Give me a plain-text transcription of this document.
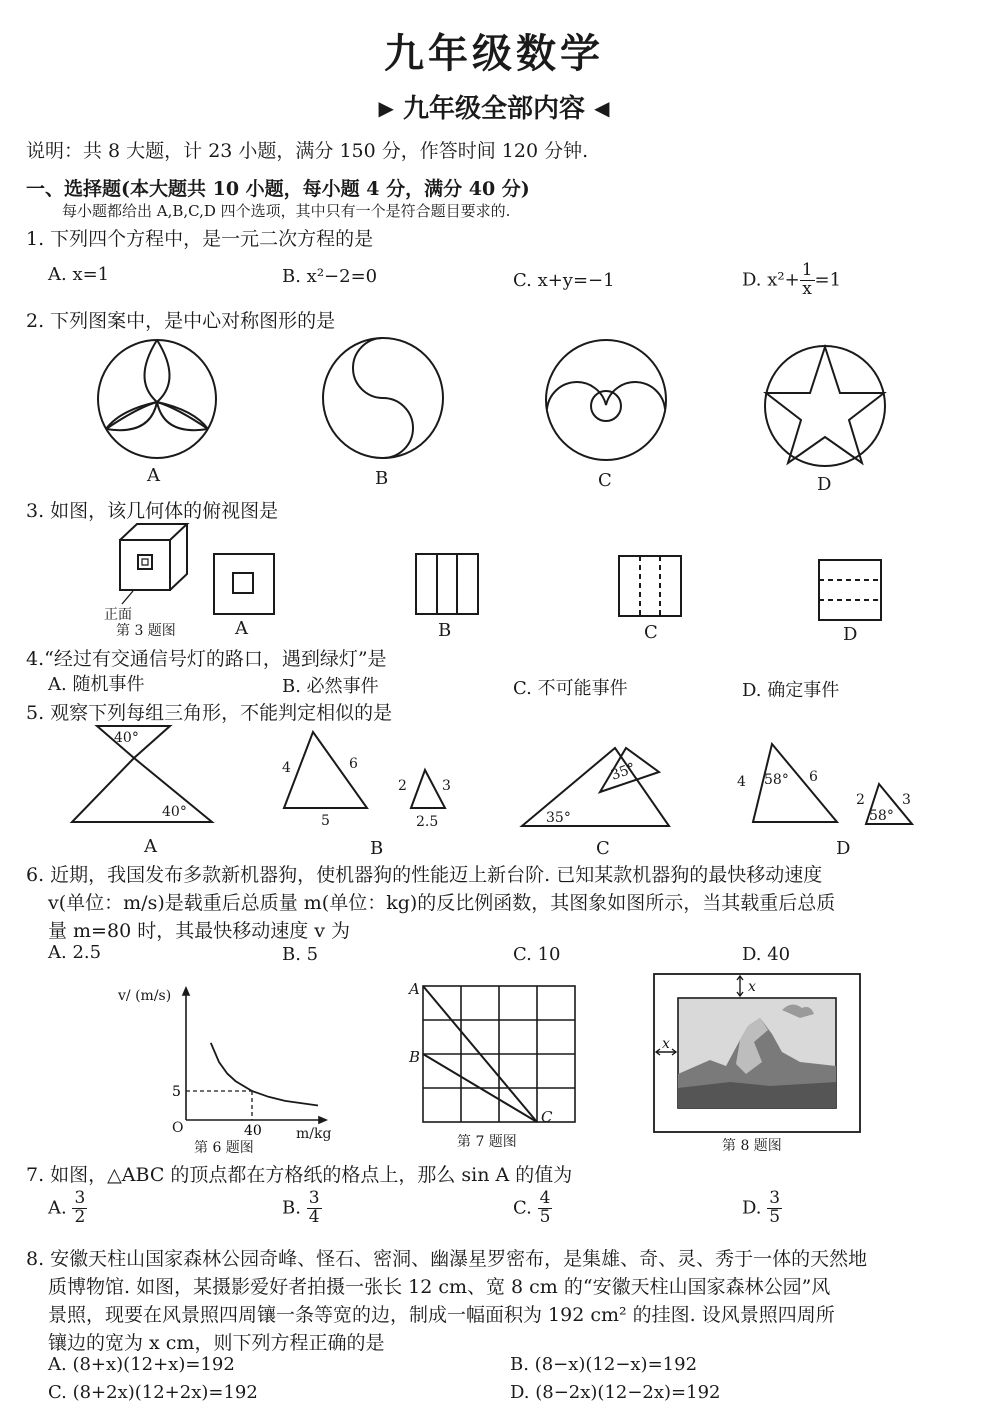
九年级数学
▶ 九年级全部内容 ◀
说明：共 8 大题，计 23 小题，满分 150 分，作答时间 120 分钟.
一、选择题(本大题共 10 小题，每小题 4 分，满分 40 分)
每小题都给出 A,B,C,D 四个选项，其中只有一个是符合题目要求的.
1. 下列四个方程中，是一元二次方程的是
A. x=1	B. x²−2=0	C. x+y=−1	D. $x^2+ \frac{1}{x} =1$
2. 下列图案中，是中心对称图形的是
A	B	C	D
3. 如图，该几何体的俯视图是
正面
第 3 题图	A	B	C	D
4.“经过有交通信号灯的路口，遇到绿灯”是
A. 随机事件	B. 必然事件	C. 不可能事件	D. 确定事件
5. 观察下列每组三角形，不能判定相似的是
40°
40°
4	6
5
2	3
2.5
35°
35°
4	6
58°
2	3
58°
A	B	C	D
6. 近期，我国发布多款新机器狗，使机器狗的性能迈上新台阶. 已知某款机器狗的最快移动速度
v(单位：m/s)是载重后总质量 m(单位：kg)的反比例函数，其图象如图所示，当其载重后总质
量 m=80 时，其最快移动速度 v 为
A. 2.5	B. 5	C. 10	D. 40
40
5
v/ (m/s)
m/kg
O
第 6 题图
A
B
C
第 7 题图
x
x
第 8 题图
7. 如图，△ABC 的顶点都在方格纸的格点上，那么 sin A 的值为
A. $\frac{3}{2}$	B. $\frac{3}{4}$	C. $\frac{4}{5}$	D. $\frac{3}{5}$
8. 安徽天柱山国家森林公园奇峰、怪石、密洞、幽瀑星罗密布，是集雄、奇、灵、秀于一体的天然地
质博物馆. 如图，某摄影爱好者拍摄一张长 12 cm、宽 8 cm 的“安徽天柱山国家森林公园”风
景照，现要在风景照四周镶一条等宽的边，制成一幅面积为 192 cm² 的挂图. 设风景照四周所
镶边的宽为 x cm，则下列方程正确的是
A. (8+x)(12+x)=192	B. (8−x)(12−x)=192
C. (8+2x)(12+2x)=192	D. (8−2x)(12−2x)=192
